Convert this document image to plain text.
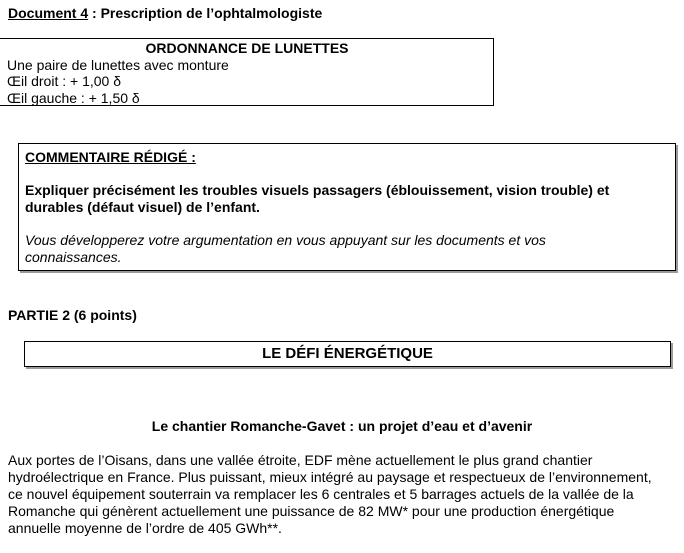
Document 4 : Prescription de l’ophtalmologiste
ORDONNANCE DE LUNETTES
Une paire de lunettes avec monture
Œil droit : + 1,00 δ
Œil gauche : + 1,50 δ
COMMENTAIRE RÉDIGÉ :
Expliquer précisément les troubles visuels passagers (éblouissement, vision trouble) et durables (défaut visuel) de l’enfant.
Vous développerez votre argumentation en vous appuyant sur les documents et vos connaissances.
PARTIE 2 (6 points)
LE DÉFI ÉNERGÉTIQUE
Le chantier Romanche-Gavet : un projet d’eau et d’avenir
Aux portes de l’Oisans, dans une vallée étroite, EDF mène actuellement le plus grand chantier
hydroélectrique en France. Plus puissant, mieux intégré au paysage et respectueux de l’environnement,
ce nouvel équipement souterrain va remplacer les 6 centrales et 5 barrages actuels de la vallée de la
Romanche qui génèrent actuellement une puissance de 82 MW* pour une production énergétique
annuelle moyenne de l’ordre de 405 GWh**.
